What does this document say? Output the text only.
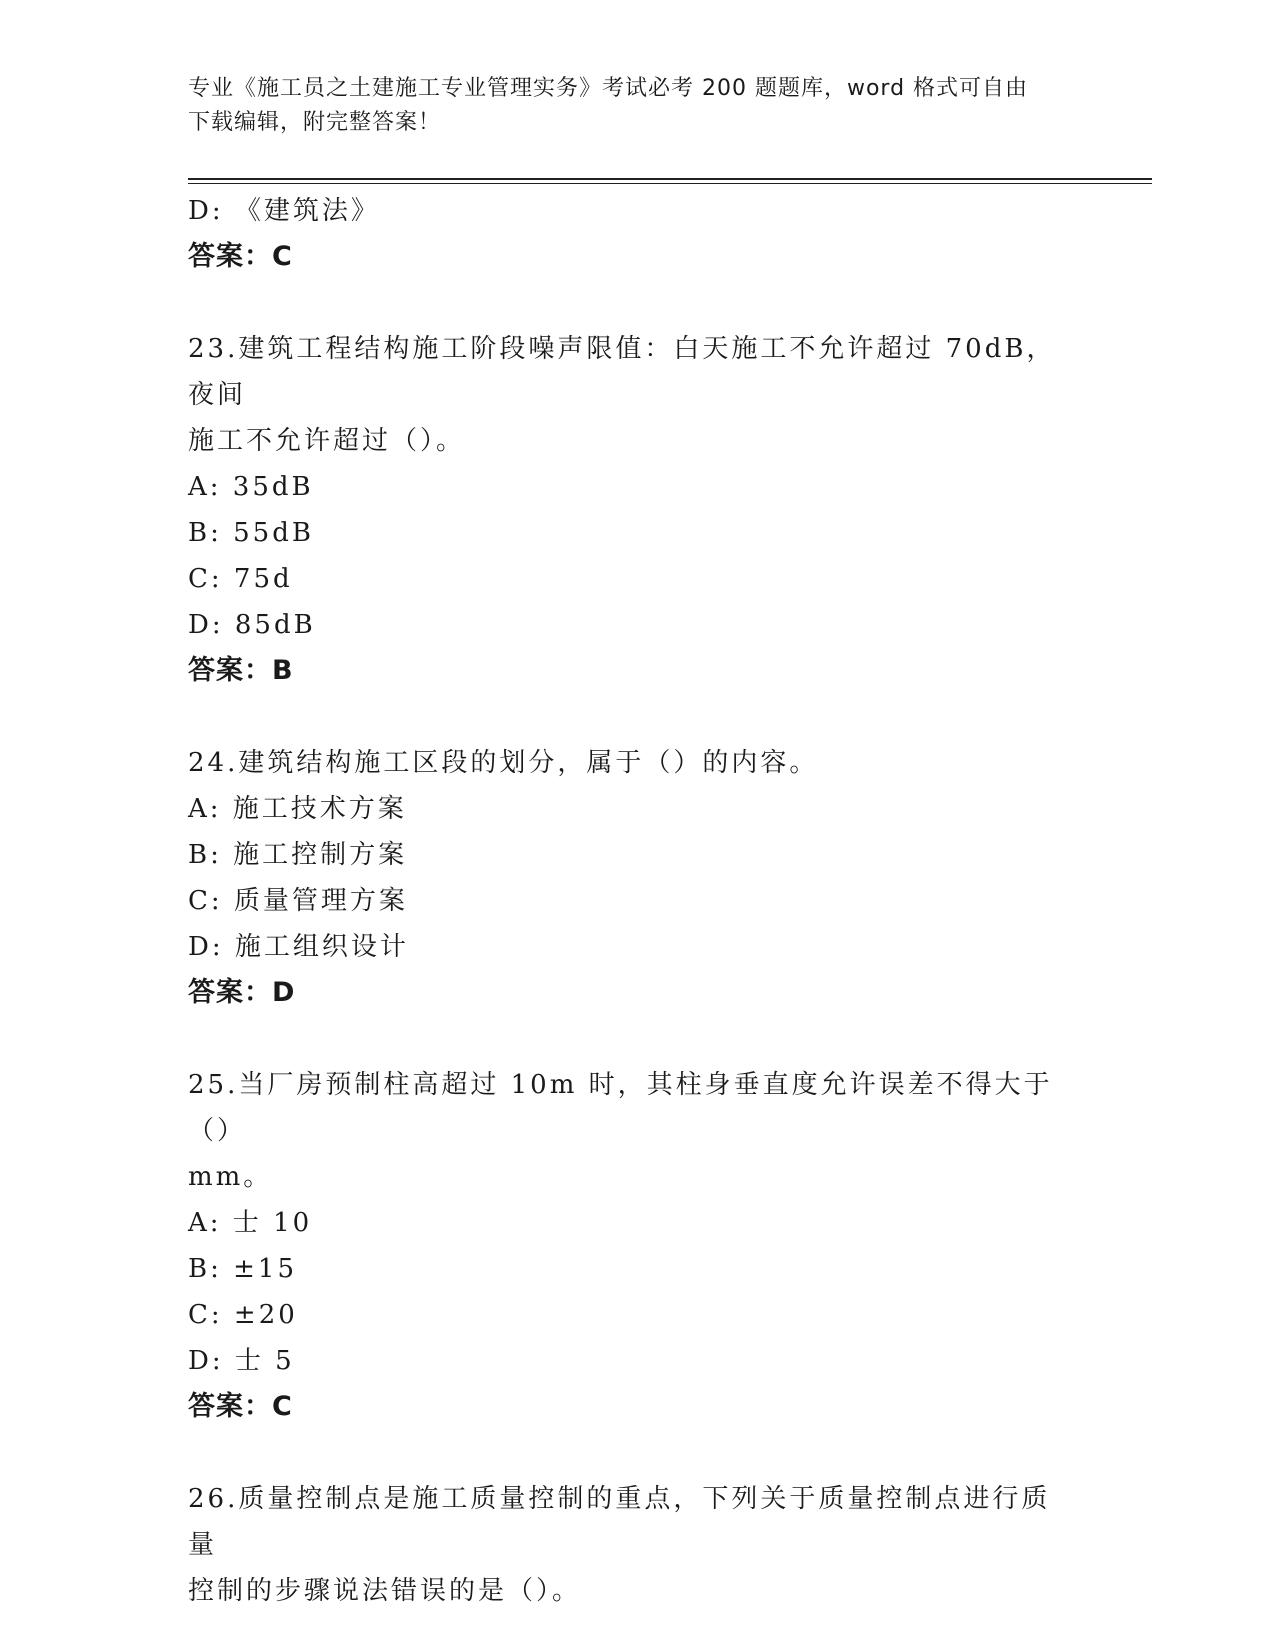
专业《施工员之土建施工专业管理实务》考试必考 200 题题库，word 格式可自由
下载编辑，附完整答案！
D: 《建筑法》
答案：C
23.建筑工程结构施工阶段噪声限值：白天施工不允许超过 70dB，夜间
施工不允许超过（）。
A: 35dB
B: 55dB
C: 75d
D: 85dB
答案：B
24.建筑结构施工区段的划分，属于（）的内容。
A: 施工技术方案
B: 施工控制方案
C: 质量管理方案
D: 施工组织设计
答案：D
25.当厂房预制柱高超过 10m 时，其柱身垂直度允许误差不得大于（）
mm。
A: 士 10
B: ±15
C: ±20
D: 士 5
答案：C
26.质量控制点是施工质量控制的重点，下列关于质量控制点进行质量
控制的步骤说法错误的是（）。
